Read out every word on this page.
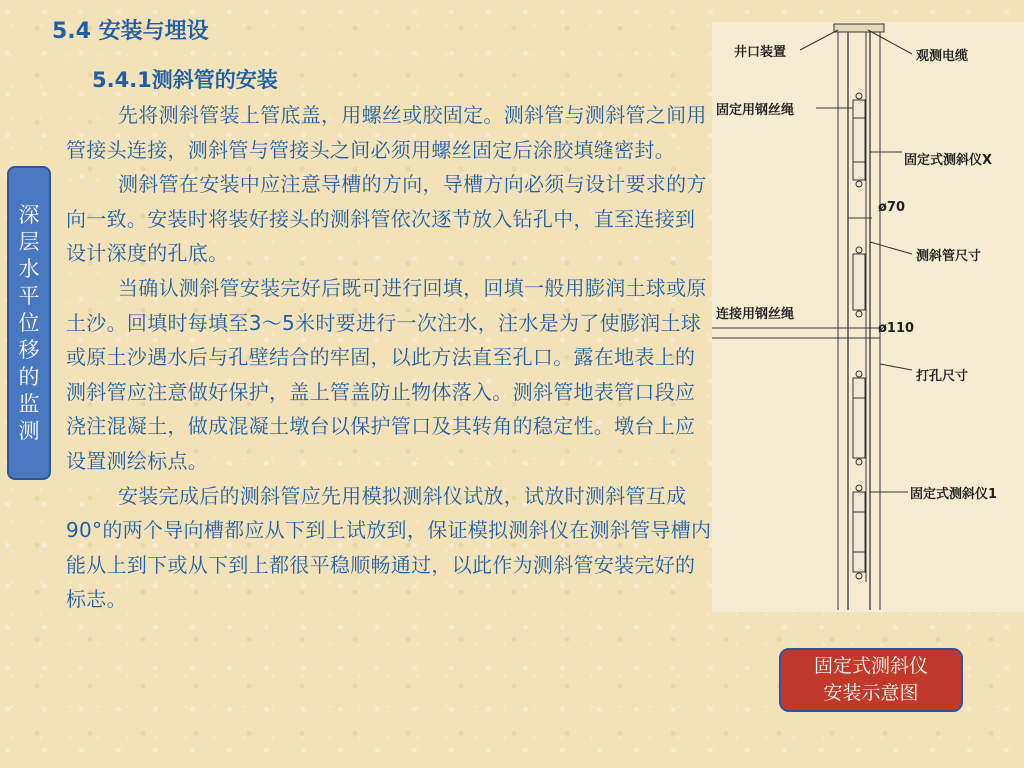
5.4 安装与埋设
5.4.1测斜管的安装
深
层
水
平
位
移
的
监
测

先将测斜管装上管底盖，用螺丝或胶固定。测斜管与测斜管之间用管接头连接，测斜管与管接头之间必须用螺丝固定后涂胶填缝密封。

测斜管在安装中应注意导槽的方向，导槽方向必须与设计要求的方向一致。安装时将装好接头的测斜管依次逐节放入钻孔中，直至连接到设计深度的孔底。

当确认测斜管安装完好后既可进行回填，回填一般用膨润土球或原土沙。回填时每填至3～5米时要进行一次注水，注水是为了使膨润土球或原土沙遇水后与孔壁结合的牢固，以此方法直至孔口。露在地表上的测斜管应注意做好保护，盖上管盖防止物体落入。测斜管地表管口段应浇注混凝土，做成混凝土墩台以保护管口及其转角的稳定性。墩台上应设置测绘标点。

安装完成后的测斜管应先用模拟测斜仪试放，试放时测斜管互成90°的两个导向槽都应从下到上试放到，保证模拟测斜仪在测斜管导槽内能从上到下或从下到上都很平稳顺畅通过，以此作为测斜管安装完好的标志。

井口装置	观测电缆
固定用钢丝绳
固定式测斜仪X
ø70
测斜管尺寸
连接用钢丝绳
ø110
打孔尺寸
固定式测斜仪1
固定式测斜仪
安装示意图
